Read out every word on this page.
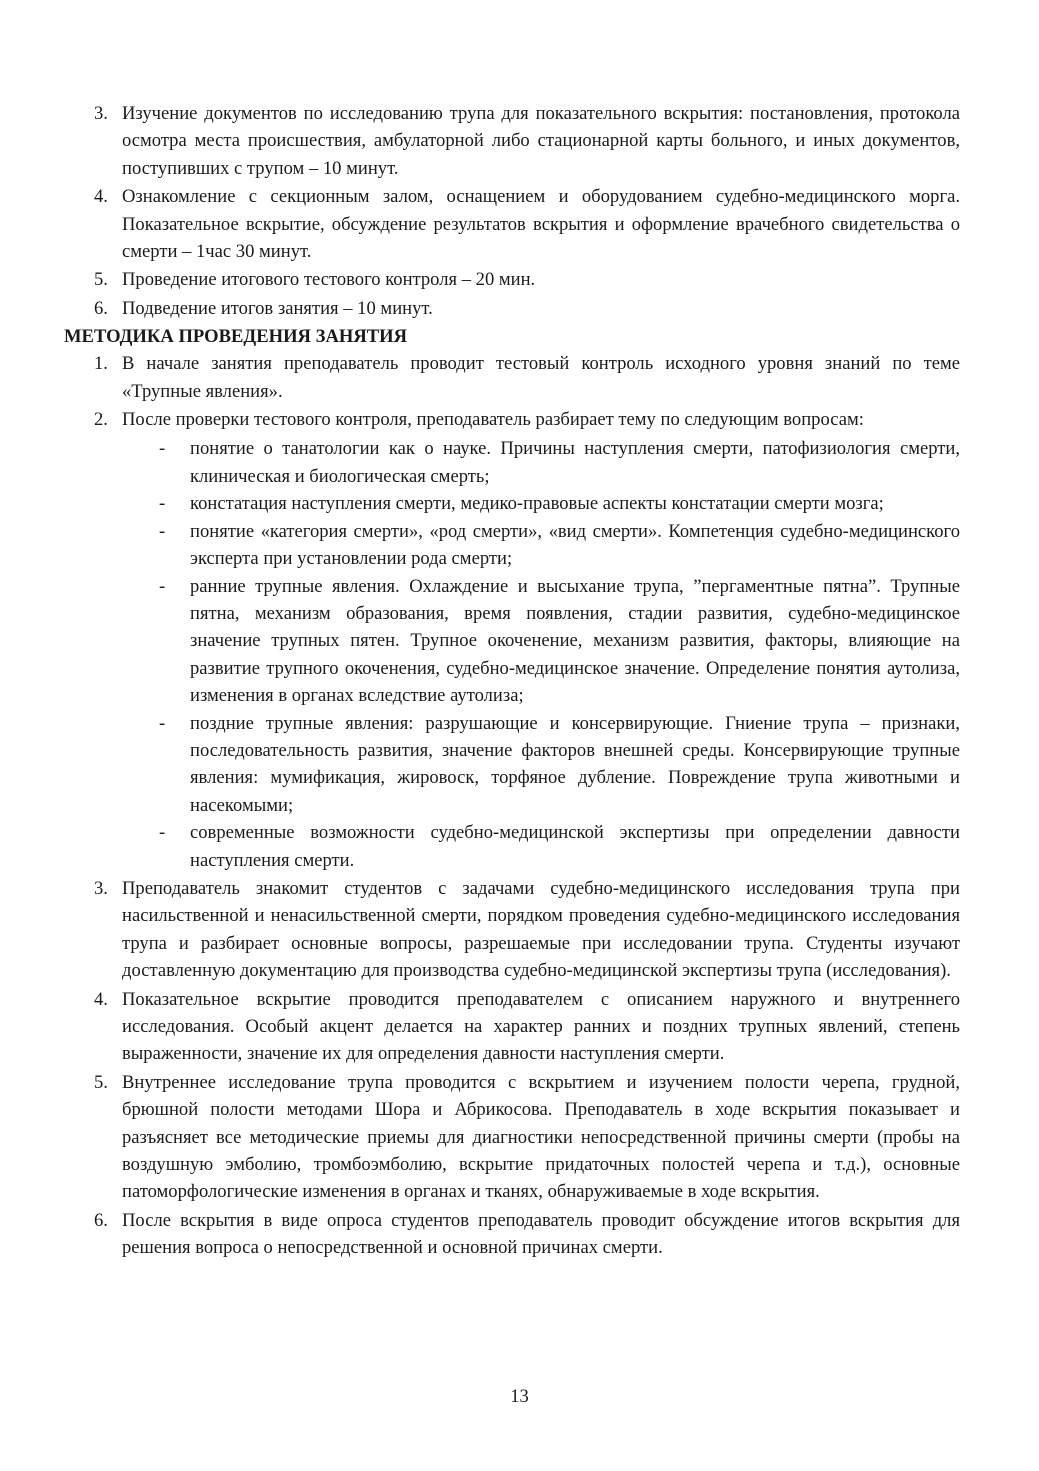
3. Изучение документов по исследованию трупа для показательного вскрытия: постановления, протокола осмотра места происшествия, амбулаторной либо стационарной карты больного, и иных документов, поступивших с трупом – 10 минут.
4. Ознакомление с секционным залом, оснащением и оборудованием судебно-медицинского морга. Показательное вскрытие, обсуждение результатов вскрытия и оформление врачебного свидетельства о смерти – 1час 30 минут.
5. Проведение итогового тестового контроля – 20 мин.
6. Подведение итогов занятия – 10 минут.
МЕТОДИКА ПРОВЕДЕНИЯ ЗАНЯТИЯ
1. В начале занятия преподаватель проводит тестовый контроль исходного уровня знаний по теме «Трупные явления».
2. После проверки тестового контроля, преподаватель разбирает тему по следующим вопросам:
- понятие о танатологии как о науке. Причины наступления смерти, патофизиология смерти, клиническая и биологическая смерть;
- констатация наступления смерти, медико-правовые аспекты констатации смерти мозга;
- понятие «категория смерти», «род смерти», «вид смерти». Компетенция судебно-медицинского эксперта при установлении рода смерти;
- ранние трупные явления. Охлаждение и высыхание трупа, ”пергаментные пятна”. Трупные пятна, механизм образования, время появления, стадии развития, судебно-медицинское значение трупных пятен. Трупное окоченение, механизм развития, факторы, влияющие на развитие трупного окоченения, судебно-медицинское значение. Определение понятия аутолиза, изменения в органах вследствие аутолиза;
- поздние трупные явления: разрушающие и консервирующие. Гниение трупа – признаки, последовательность развития, значение факторов внешней среды. Консервирующие трупные явления: мумификация, жировоск, торфяное дубление. Повреждение трупа животными и насекомыми;
- современные возможности судебно-медицинской экспертизы при определении давности наступления смерти.
3. Преподаватель знакомит студентов с задачами судебно-медицинского исследования трупа при насильственной и ненасильственной смерти, порядком проведения судебно-медицинского исследования трупа и разбирает основные вопросы, разрешаемые при исследовании трупа. Студенты изучают доставленную документацию для производства судебно-медицинской экспертизы трупа (исследования).
4. Показательное вскрытие проводится преподавателем с описанием наружного и внутреннего исследования. Особый акцент делается на характер ранних и поздних трупных явлений, степень выраженности, значение их для определения давности наступления смерти.
5. Внутреннее исследование трупа проводится с вскрытием и изучением полости черепа, грудной, брюшной полости методами Шора и Абрикосова. Преподаватель в ходе вскрытия показывает и разъясняет все методические приемы для диагностики непосредственной причины смерти (пробы на воздушную эмболию, тромбоэмболию, вскрытие придаточных полостей черепа и т.д.), основные патоморфологические изменения в органах и тканях, обнаруживаемые в ходе вскрытия.
6. После вскрытия в виде опроса студентов преподаватель проводит обсуждение итогов вскрытия для решения вопроса о непосредственной и основной причинах смерти.
13
